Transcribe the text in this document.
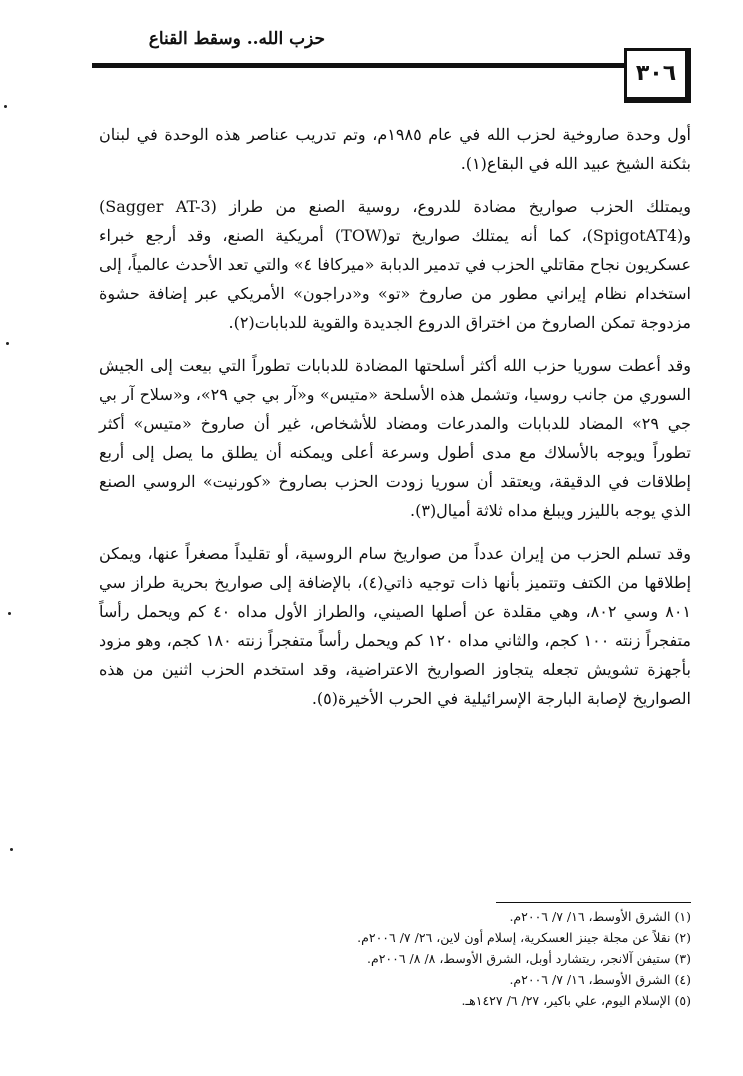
حزب الله.. وسقط القناع
٣٠٦

أول وحدة صاروخية لحزب الله في عام ١٩٨٥م، وتم تدريب عناصر هذه الوحدة في لبنان بثكنة الشيخ عبيد الله في البقاع(١).

ويمتلك الحزب صواريخ مضادة للدروع، روسية الصنع من طراز (Sagger AT-3) و(SpigotAT4)، كما أنه يمتلك صواريخ تو(TOW) أمريكية الصنع، وقد أرجع خبراء عسكريون نجاح مقاتلي الحزب في تدمير الدبابة «ميركافا ٤» والتي تعد الأحدث عالمياً، إلى استخدام نظام إيراني مطور من صاروخ «تو» و«دراجون» الأمريكي عبر إضافة حشوة مزدوجة تمكن الصاروخ من اختراق الدروع الجديدة والقوية للدبابات(٢).

وقد أعطت سوريا حزب الله أكثر أسلحتها المضادة للدبابات تطوراً التي بيعت إلى الجيش السوري من جانب روسيا، وتشمل هذه الأسلحة «متيس» و«آر بي جي ٢٩»، و«سلاح آر بي جي ٢٩» المضاد للدبابات والمدرعات ومضاد للأشخاص، غير أن صاروخ «متيس» أكثر تطوراً ويوجه بالأسلاك مع مدى أطول وسرعة أعلى ويمكنه أن يطلق ما يصل إلى أربع إطلاقات في الدقيقة، ويعتقد أن سوريا زودت الحزب بصاروخ «كورنيت» الروسي الصنع الذي يوجه بالليزر ويبلغ مداه ثلاثة أميال(٣).

وقد تسلم الحزب من إيران عدداً من صواريخ سام الروسية، أو تقليداً مصغراً عنها، ويمكن إطلاقها من الكتف وتتميز بأنها ذات توجيه ذاتي(٤)، بالإضافة إلى صواريخ بحرية طراز سي ٨٠١ وسي ٨٠٢، وهي مقلدة عن أصلها الصيني، والطراز الأول مداه ٤٠ كم ويحمل رأساً متفجراً زنته ١٠٠ كجم، والثاني مداه ١٢٠ كم ويحمل رأساً متفجراً زنته ١٨٠ كجم، وهو مزود بأجهزة تشويش تجعله يتجاوز الصواريخ الاعتراضية، وقد استخدم الحزب اثنين من هذه الصواريخ لإصابة البارجة الإسرائيلية في الحرب الأخيرة(٥).

(١) الشرق الأوسط، ١٦/ ٧/ ٢٠٠٦م.
(٢) نقلاً عن مجلة جينز العسكرية، إسلام أون لاين، ٢٦/ ٧/ ٢٠٠٦م.
(٣) ستيفن آلانجر، ريتشارد أوبل، الشرق الأوسط، ٨/ ٨/ ٢٠٠٦م.
(٤) الشرق الأوسط، ١٦/ ٧/ ٢٠٠٦م.
(٥) الإسلام اليوم، علي باكير، ٢٧/ ٦/ ١٤٢٧هـ.
